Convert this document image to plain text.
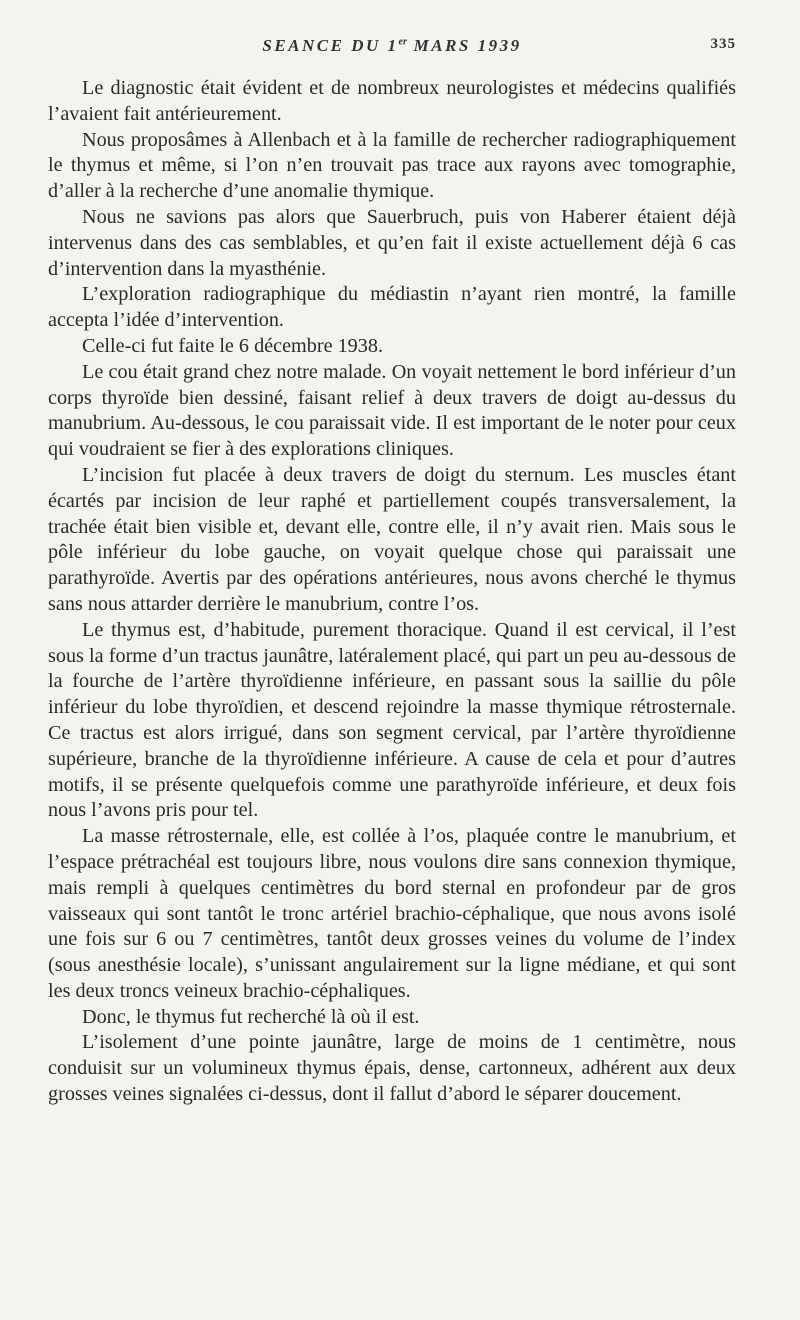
SEANCE DU 1er MARS 1939	335

Le diagnostic était évident et de nombreux neurologistes et médecins qualifiés l’avaient fait antérieurement.

Nous proposâmes à Allenbach et à la famille de rechercher radiographiquement le thymus et même, si l’on n’en trouvait pas trace aux rayons avec tomographie, d’aller à la recherche d’une anomalie thymique.

Nous ne savions pas alors que Sauerbruch, puis von Haberer étaient déjà intervenus dans des cas semblables, et qu’en fait il existe actuellement déjà 6 cas d’intervention dans la myasthénie.

L’exploration radiographique du médiastin n’ayant rien montré, la famille accepta l’idée d’intervention.

Celle-ci fut faite le 6 décembre 1938.

Le cou était grand chez notre malade. On voyait nettement le bord inférieur d’un corps thyroïde bien dessiné, faisant relief à deux travers de doigt au-dessus du manubrium. Au-dessous, le cou paraissait vide. Il est important de le noter pour ceux qui voudraient se fier à des explorations cliniques.

L’incision fut placée à deux travers de doigt du sternum. Les muscles étant écartés par incision de leur raphé et partiellement coupés transversalement, la trachée était bien visible et, devant elle, contre elle, il n’y avait rien. Mais sous le pôle inférieur du lobe gauche, on voyait quelque chose qui paraissait une parathyroïde. Avertis par des opérations antérieures, nous avons cherché le thymus sans nous attarder derrière le manubrium, contre l’os.

Le thymus est, d’habitude, purement thoracique. Quand il est cervical, il l’est sous la forme d’un tractus jaunâtre, latéralement placé, qui part un peu au-dessous de la fourche de l’artère thyroïdienne inférieure, en passant sous la saillie du pôle inférieur du lobe thyroïdien, et descend rejoindre la masse thymique rétrosternale. Ce tractus est alors irrigué, dans son segment cervical, par l’artère thyroïdienne supérieure, branche de la thyroïdienne inférieure. A cause de cela et pour d’autres motifs, il se présente quelquefois comme une parathyroïde inférieure, et deux fois nous l’avons pris pour tel.

La masse rétrosternale, elle, est collée à l’os, plaquée contre le manubrium, et l’espace prétrachéal est toujours libre, nous voulons dire sans connexion thymique, mais rempli à quelques centimètres du bord sternal en profondeur par de gros vaisseaux qui sont tantôt le tronc artériel brachio-céphalique, que nous avons isolé une fois sur 6 ou 7 centimètres, tantôt deux grosses veines du volume de l’index (sous anesthésie locale), s’unissant angulairement sur la ligne médiane, et qui sont les deux troncs veineux brachio-céphaliques.

Donc, le thymus fut recherché là où il est.

L’isolement d’une pointe jaunâtre, large de moins de 1 centimètre, nous conduisit sur un volumineux thymus épais, dense, cartonneux, adhérent aux deux grosses veines signalées ci-dessus, dont il fallut d’abord le séparer doucement.
